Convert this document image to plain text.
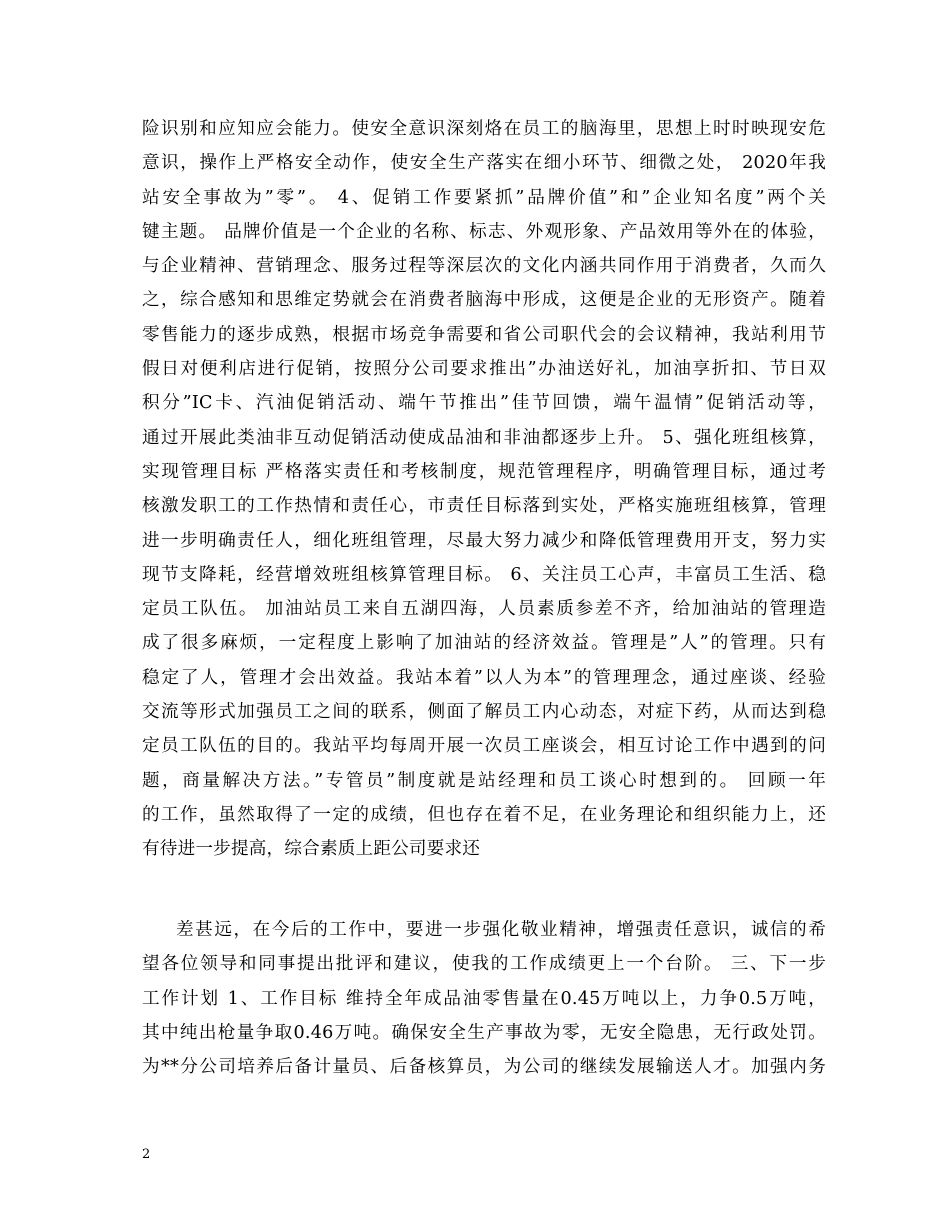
险识别和应知应会能力。使安全意识深刻烙在员工的脑海里，思想上时时映现安危
意识，操作上严格安全动作，使安全生产落实在细小环节、细微之处， 2020年我
站安全事故为”零”。 4、促销工作要紧抓”品牌价值”和”企业知名度”两个关
键主题。 品牌价值是一个企业的名称、标志、外观形象、产品效用等外在的体验，
与企业精神、营销理念、服务过程等深层次的文化内涵共同作用于消费者，久而久
之，综合感知和思维定势就会在消费者脑海中形成，这便是企业的无形资产。随着
零售能力的逐步成熟，根据市场竞争需要和省公司职代会的会议精神，我站利用节
假日对便利店进行促销，按照分公司要求推出”办油送好礼，加油享折扣、节日双
积分”IC卡、汽油促销活动、端午节推出”佳节回馈，端午温情”促销活动等，
通过开展此类油非互动促销活动使成品油和非油都逐步上升。 5、强化班组核算，
实现管理目标 严格落实责任和考核制度，规范管理程序，明确管理目标，通过考
核激发职工的工作热情和责任心，市责任目标落到实处，严格实施班组核算，管理
进一步明确责任人，细化班组管理，尽最大努力减少和降低管理费用开支，努力实
现节支降耗，经营增效班组核算管理目标。 6、关注员工心声，丰富员工生活、稳
定员工队伍。 加油站员工来自五湖四海，人员素质参差不齐，给加油站的管理造
成了很多麻烦，一定程度上影响了加油站的经济效益。管理是”人”的管理。只有
稳定了人，管理才会出效益。我站本着”以人为本”的管理理念，通过座谈、经验
交流等形式加强员工之间的联系，侧面了解员工内心动态，对症下药，从而达到稳
定员工队伍的目的。我站平均每周开展一次员工座谈会，相互讨论工作中遇到的问
题，商量解决方法。”专管员”制度就是站经理和员工谈心时想到的。 回顾一年
的工作，虽然取得了一定的成绩，但也存在着不足，在业务理论和组织能力上，还
有待进一步提高，综合素质上距公司要求还
差甚远，在今后的工作中，要进一步强化敬业精神，增强责任意识，诚信的希
望各位领导和同事提出批评和建议，使我的工作成绩更上一个台阶。 三、下一步
工作计划 1、工作目标 维持全年成品油零售量在0.45万吨以上，力争0.5万吨，
其中纯出枪量争取0.46万吨。确保安全生产事故为零，无安全隐患，无行政处罚。
为**分公司培养后备计量员、后备核算员，为公司的继续发展输送人才。加强内务
2
